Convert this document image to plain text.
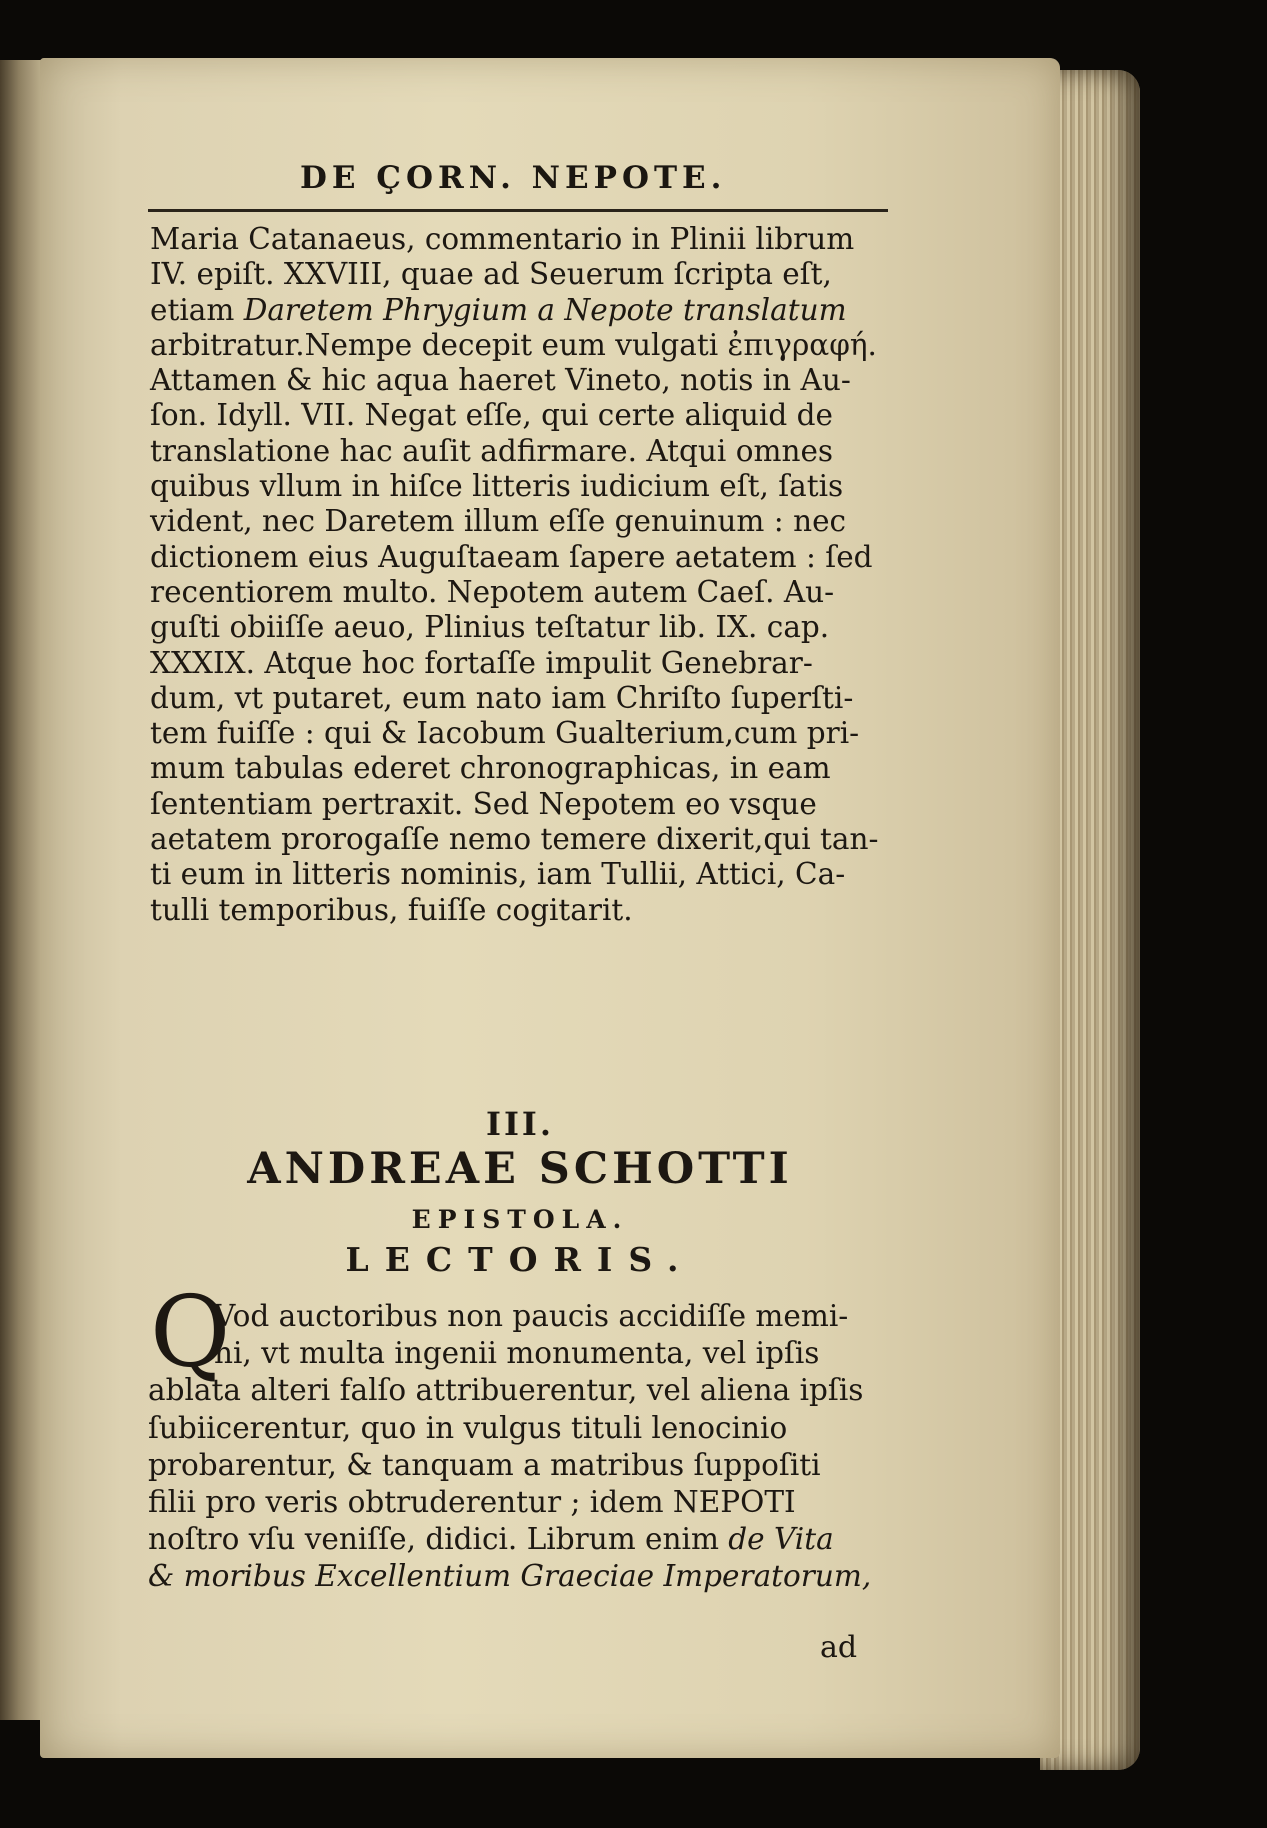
DE ÇORN. NEPOTE.

Maria Catanaeus, commentario in Plinii librum
IV. epiſt. XXVIII, quae ad Seuerum ſcripta eſt,
etiam Daretem Phrygium a Nepote translatum
arbitratur.Nempe decepit eum vulgati ἐπιγραφή.
Attamen & hic aqua haeret Vineto, notis in Au-
ſon. Idyll. VII. Negat eſſe, qui certe aliquid de
translatione hac auſit adfirmare. Atqui omnes
quibus vllum in hiſce litteris iudicium eſt, ſatis
vident, nec Daretem illum eſſe genuinum : nec
dictionem eius Auguſtaeam ſapere aetatem : ſed
recentiorem multo. Nepotem autem Caeſ. Au-
guſti obiiſſe aeuo, Plinius teſtatur lib. IX. cap.
XXXIX. Atque hoc fortaſſe impulit Genebrar-
dum, vt putaret, eum nato iam Chriſto ſuperſti-
tem fuiſſe : qui & Iacobum Gualterium,cum pri-
mum tabulas ederet chronographicas, in eam
ſententiam pertraxit. Sed Nepotem eo vsque
aetatem prorogaſſe nemo temere dixerit,qui tan-
ti eum in litteris nominis, iam Tullii, Attici, Ca-
tulli temporibus, fuiſſe cogitarit.

III.
ANDREAE SCHOTTI
EPISTOLA.
LECTORIS.
Q

Vod auctoribus non paucis accidiſſe memi-
ni, vt multa ingenii monumenta, vel ipſis
ablata alteri falſo attribuerentur, vel aliena ipſis
ſubiicerentur, quo in vulgus tituli lenocinio
probarentur, & tanquam a matribus ſuppoſiti
filii pro veris obtruderentur ; idem NEPOTI
noſtro vſu veniſſe, didici. Librum enim de Vita
& moribus Excellentium Graeciae Imperatorum,

ad
